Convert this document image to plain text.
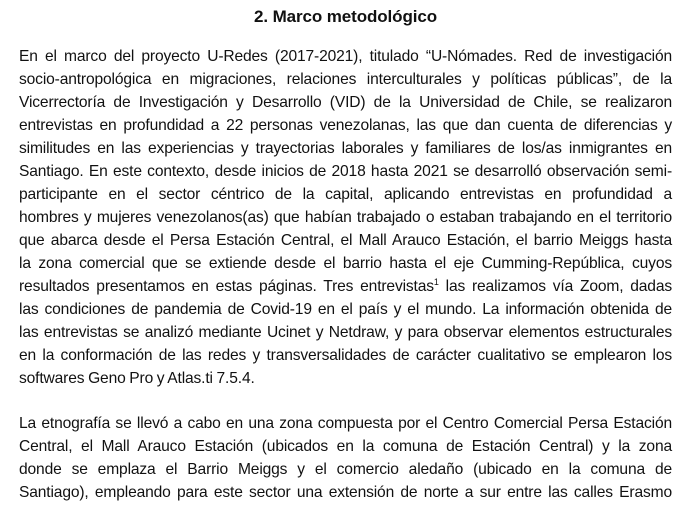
2. Marco metodológico
En el marco del proyecto U-Redes (2017-2021), titulado “U-Nómades. Red de investigación
socio-antropológica en migraciones, relaciones interculturales y políticas públicas”, de la
Vicerrectoría de Investigación y Desarrollo (VID) de la Universidad de Chile, se realizaron
entrevistas en profundidad a 22 personas venezolanas, las que dan cuenta de diferencias y
similitudes en las experiencias y trayectorias laborales y familiares de los/as inmigrantes en
Santiago. En este contexto, desde inicios de 2018 hasta 2021 se desarrolló observación semi-
participante en el sector céntrico de la capital, aplicando entrevistas en profundidad a
hombres y mujeres venezolanos(as) que habían trabajado o estaban trabajando en el territorio
que abarca desde el Persa Estación Central, el Mall Arauco Estación, el barrio Meiggs hasta
la zona comercial que se extiende desde el barrio hasta el eje Cumming-República, cuyos
resultados presentamos en estas páginas. Tres entrevistas$^1$ las realizamos vía Zoom, dadas
las condiciones de pandemia de Covid-19 en el país y el mundo. La información obtenida de
las entrevistas se analizó mediante Ucinet y Netdraw, y para observar elementos estructurales
en la conformación de las redes y transversalidades de carácter cualitativo se emplearon los
softwares Geno Pro y Atlas.ti 7.5.4.
La etnografía se llevó a cabo en una zona compuesta por el Centro Comercial Persa Estación
Central, el Mall Arauco Estación (ubicados en la comuna de Estación Central) y la zona
donde se emplaza el Barrio Meiggs y el comercio aledaño (ubicado en la comuna de
Santiago), empleando para este sector una extensión de norte a sur entre las calles Erasmo
